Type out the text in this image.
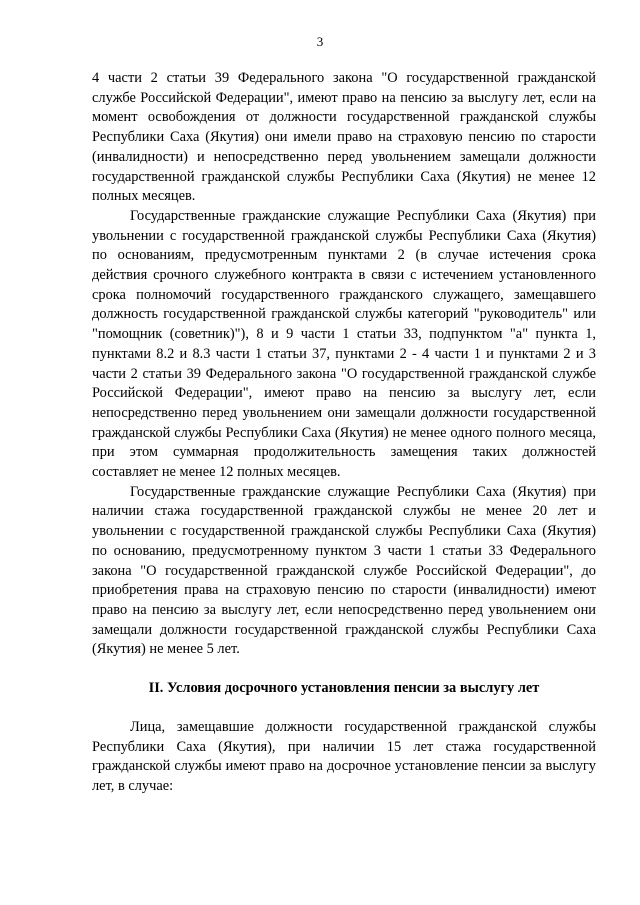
3

4 части 2 статьи 39 Федерального закона "О государственной гражданской службе Российской Федерации", имеют право на пенсию за выслугу лет, если на момент освобождения от должности государственной гражданской службы Республики Саха (Якутия) они имели право на страховую пенсию по старости (инвалидности) и непосредственно перед увольнением замещали должности государственной гражданской службы Республики Саха (Якутия) не менее 12 полных месяцев.

Государственные гражданские служащие Республики Саха (Якутия) при увольнении с государственной гражданской службы Республики Саха (Якутия) по основаниям, предусмотренным пунктами 2 (в случае истечения срока действия срочного служебного контракта в связи с истечением установленного срока полномочий государственного гражданского служащего, замещавшего должность государственной гражданской службы категорий "руководитель" или "помощник (советник)"), 8 и 9 части 1 статьи 33, подпунктом "а" пункта 1, пунктами 8.2 и 8.3 части 1 статьи 37, пунктами 2 - 4 части 1 и пунктами 2 и 3 части 2 статьи 39 Федерального закона "О государственной гражданской службе Российской Федерации", имеют право на пенсию за выслугу лет, если непосредственно перед увольнением они замещали должности государственной гражданской службы Республики Саха (Якутия) не менее одного полного месяца, при этом суммарная продолжительность замещения таких должностей составляет не менее 12 полных месяцев.

Государственные гражданские служащие Республики Саха (Якутия) при наличии стажа государственной гражданской службы не менее 20 лет и увольнении с государственной гражданской службы Республики Саха (Якутия) по основанию, предусмотренному пунктом 3 части 1 статьи 33 Федерального закона "О государственной гражданской службе Российской Федерации", до приобретения права на страховую пенсию по старости (инвалидности) имеют право на пенсию за выслугу лет, если непосредственно перед увольнением они замещали должности государственной гражданской службы Республики Саха (Якутия) не менее 5 лет.

II. Условия досрочного установления пенсии за выслугу лет

Лица, замещавшие должности государственной гражданской службы Республики Саха (Якутия), при наличии 15 лет стажа государственной гражданской службы имеют право на досрочное установление пенсии за выслугу лет, в случае:
